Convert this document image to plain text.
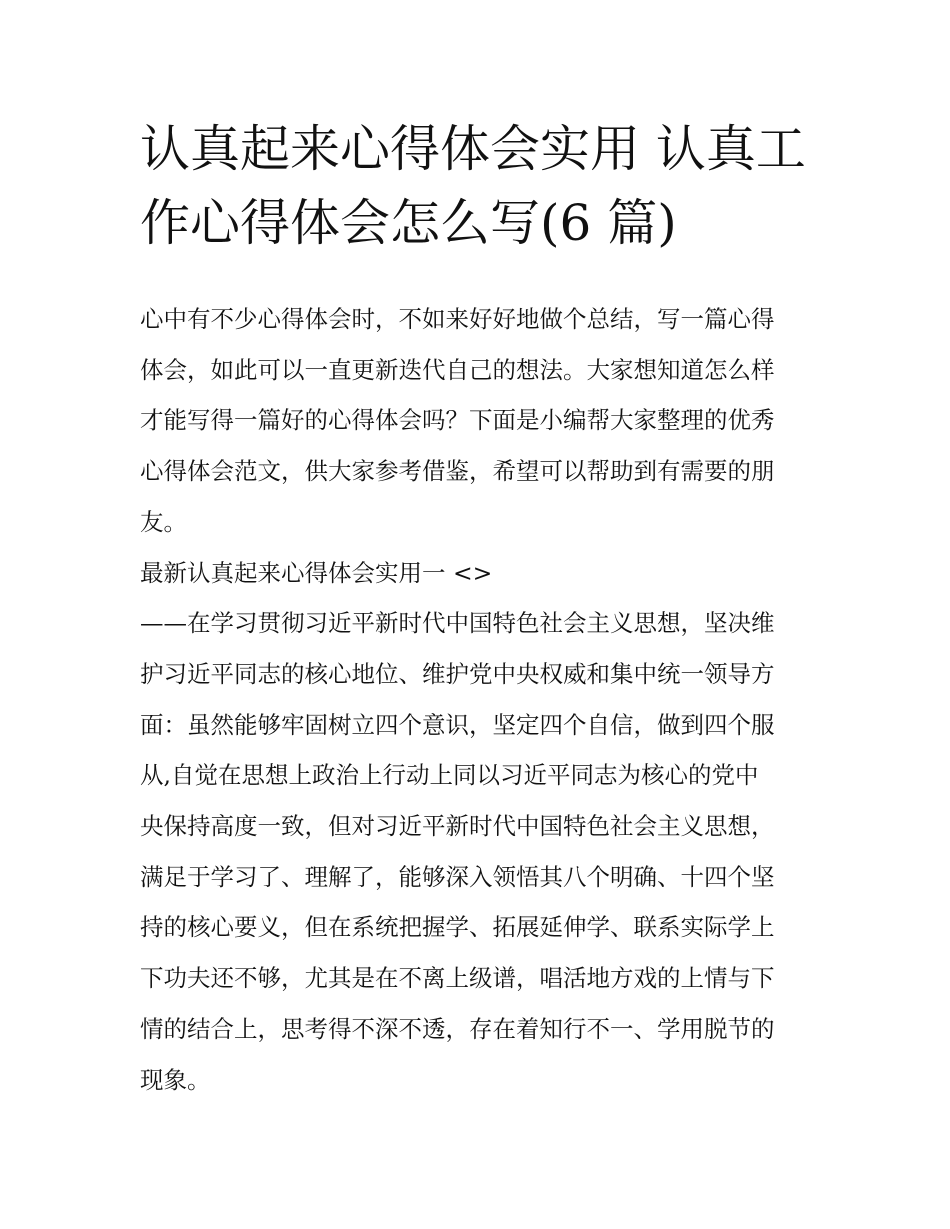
认真起来心得体会实用 认真工
作心得体会怎么写(6 篇)
心中有不少心得体会时，不如来好好地做个总结，写一篇心得
体会，如此可以一直更新迭代自己的想法。大家想知道怎么样
才能写得一篇好的心得体会吗？下面是小编帮大家整理的优秀
心得体会范文，供大家参考借鉴，希望可以帮助到有需要的朋
友。
最新认真起来心得体会实用一 <>
——在学习贯彻习近平新时代中国特色社会主义思想，坚决维
护习近平同志的核心地位、维护党中央权威和集中统一领导方
面：虽然能够牢固树立四个意识，坚定四个自信，做到四个服
从,自觉在思想上政治上行动上同以习近平同志为核心的党中
央保持高度一致，但对习近平新时代中国特色社会主义思想，
满足于学习了、理解了，能够深入领悟其八个明确、十四个坚
持的核心要义，但在系统把握学、拓展延伸学、联系实际学上
下功夫还不够，尤其是在不离上级谱，唱活地方戏的上情与下
情的结合上，思考得不深不透，存在着知行不一、学用脱节的
现象。
